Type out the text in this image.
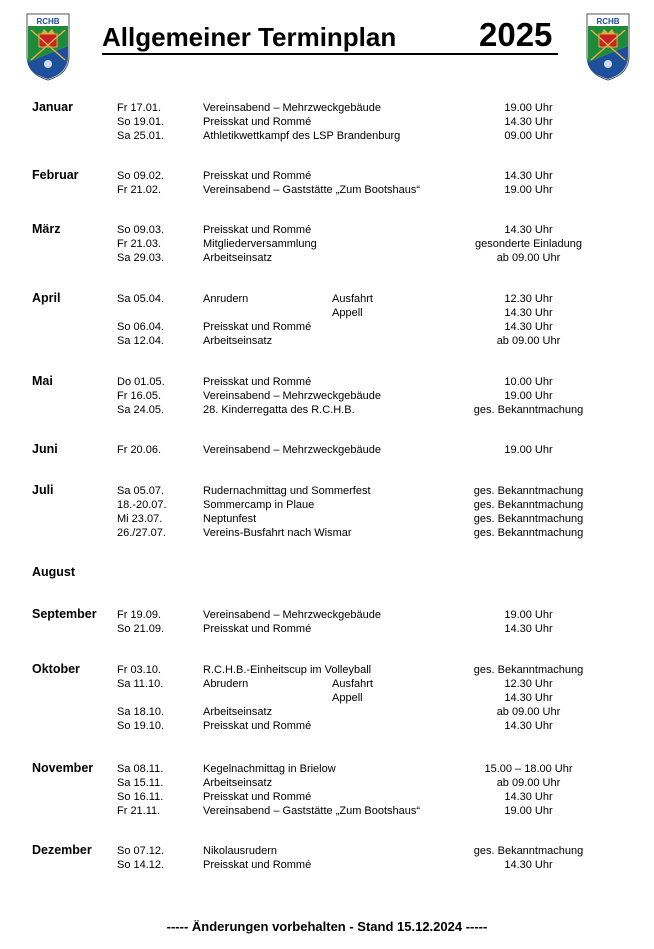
RCHB	RCHB
Allgemeiner Terminplan	2025
Januar	Fr 17.01.	Vereinsabend – Mehrzweckgebäude	19.00 Uhr
So 19.01.	Preisskat und Rommé	14.30 Uhr
Sa 25.01.	Athletikwettkampf des LSP Brandenburg	09.00 Uhr
Februar	So 09.02.	Preisskat und Rommé	14.30 Uhr
Fr 21.02.	Vereinsabend – Gaststätte „Zum Bootshaus“	19.00 Uhr
März	So 09.03.	Preisskat und Rommé	14.30 Uhr
Fr 21.03.	Mitgliederversammlung	gesonderte Einladung
Sa 29.03.	Arbeitseinsatz	ab 09.00 Uhr
April	Sa 05.04.	Anrudern	Ausfahrt	12.30 Uhr
Appell	14.30 Uhr
So 06.04.	Preisskat und Rommé	14.30 Uhr
Sa 12.04.	Arbeitseinsatz	ab 09.00 Uhr
Mai	Do 01.05.	Preisskat und Rommé	10.00 Uhr
Fr 16.05.	Vereinsabend – Mehrzweckgebäude	19.00 Uhr
Sa 24.05.	28. Kinderregatta des R.C.H.B.	ges. Bekanntmachung
Juni	Fr 20.06.	Vereinsabend – Mehrzweckgebäude	19.00 Uhr
Juli	Sa 05.07.	Rudernachmittag und Sommerfest	ges. Bekanntmachung
18.-20.07.	Sommercamp in Plaue	ges. Bekanntmachung
Mi 23.07.	Neptunfest	ges. Bekanntmachung
26./27.07.	Vereins-Busfahrt nach Wismar	ges. Bekanntmachung
August
September Fr 19.09.	Vereinsabend – Mehrzweckgebäude	19.00 Uhr
So 21.09.	Preisskat und Rommé	14.30 Uhr
Oktober	Fr 03.10.	R.C.H.B.-Einheitscup im Volleyball	ges. Bekanntmachung
Sa 11.10.	Abrudern	Ausfahrt	12.30 Uhr
Appell	14.30 Uhr
Sa 18.10.	Arbeitseinsatz	ab 09.00 Uhr
So 19.10.	Preisskat und Rommé	14.30 Uhr
November Sa 08.11.	Kegelnachmittag in Brielow	15.00 – 18.00 Uhr
Sa 15.11.	Arbeitseinsatz	ab 09.00 Uhr
So 16.11.	Preisskat und Rommé	14.30 Uhr
Fr 21.11.	Vereinsabend – Gaststätte „Zum Bootshaus“	19.00 Uhr
Dezember So 07.12.	Nikolausrudern	ges. Bekanntmachung
So 14.12.	Preisskat und Rommé	14.30 Uhr
----- Änderungen vorbehalten - Stand 15.12.2024 -----
